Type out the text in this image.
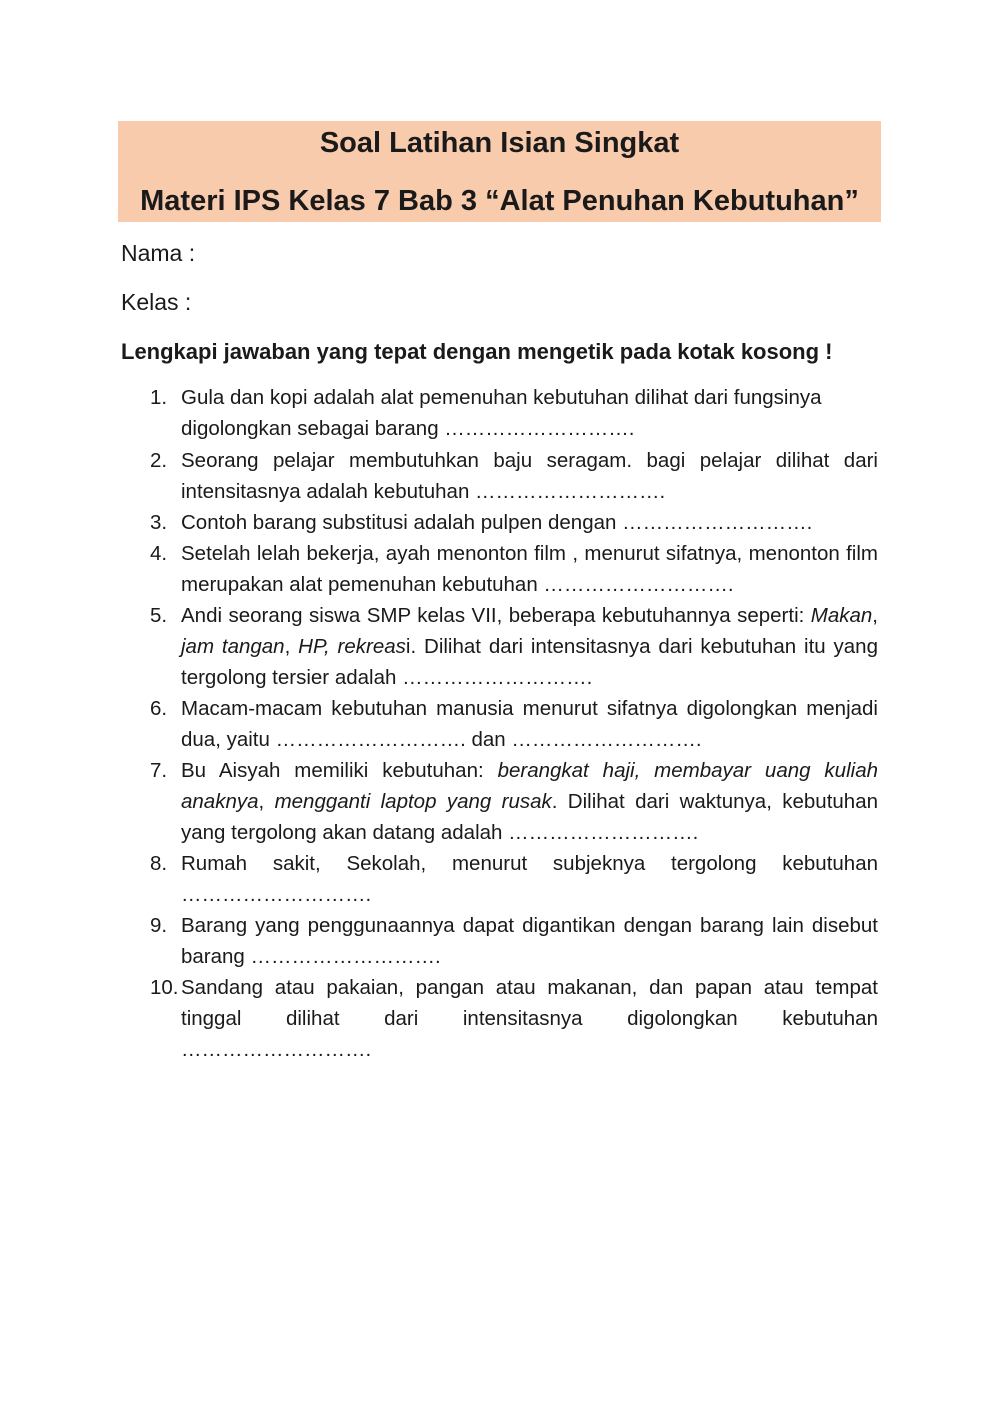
Soal Latihan Isian Singkat
Materi IPS Kelas 7 Bab 3 “Alat Penuhan Kebutuhan”
Nama :
Kelas :
Lengkapi jawaban yang tepat dengan mengetik pada kotak kosong !
1. Gula dan kopi adalah alat pemenuhan kebutuhan dilihat dari fungsinya digolongkan sebagai barang ……………………….
2. Seorang pelajar membutuhkan baju seragam. bagi pelajar dilihat dari intensitasnya adalah kebutuhan ……………………….
3. Contoh barang substitusi adalah pulpen dengan ……………………….
4. Setelah lelah bekerja, ayah menonton film , menurut sifatnya, menonton film merupakan alat pemenuhan kebutuhan ……………………….
5. Andi seorang siswa SMP kelas VII, beberapa kebutuhannya seperti: Makan, jam tangan, HP, rekreasi. Dilihat dari intensitasnya dari kebutuhan itu yang tergolong tersier adalah ……………………….
6. Macam-macam kebutuhan manusia menurut sifatnya digolongkan menjadi dua, yaitu ………………………. dan ……………………….
7. Bu Aisyah memiliki kebutuhan: berangkat haji, membayar uang kuliah anaknya, mengganti laptop yang rusak. Dilihat dari waktunya, kebutuhan yang tergolong akan datang adalah ……………………….
8. Rumah sakit, Sekolah, menurut subjeknya tergolong kebutuhan ……………………….
9. Barang yang penggunaannya dapat digantikan dengan barang lain disebut barang ……………………….
10. Sandang atau pakaian, pangan atau makanan, dan papan atau tempat tinggal dilihat dari intensitasnya digolongkan kebutuhan ……………………….
